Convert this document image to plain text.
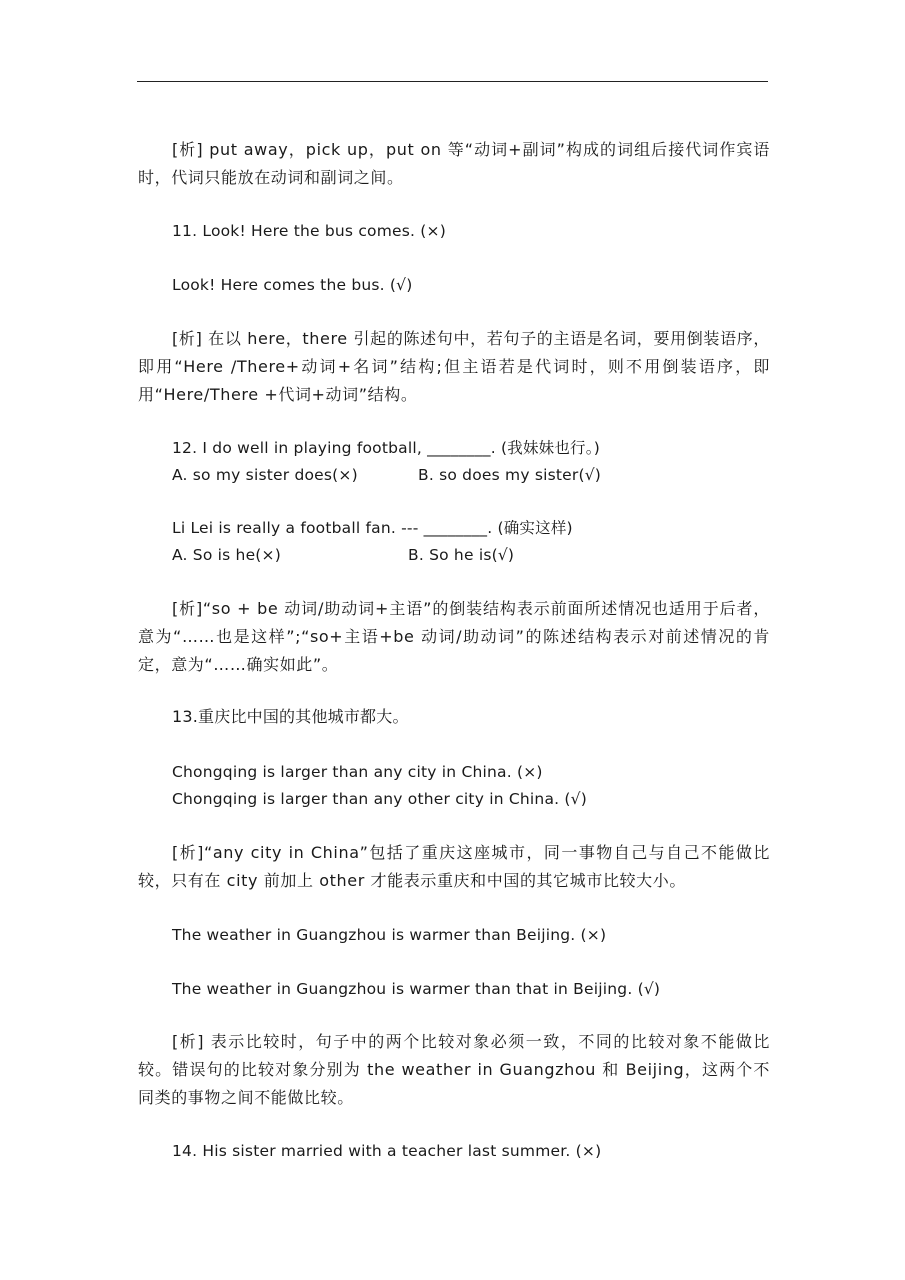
[析] put away，pick up，put on 等“动词+副词”构成的词组后接代词作宾语时，代词只能放在动词和副词之间。
11. Look! Here the bus comes. (×)
Look! Here comes the bus. (√)
[析] 在以 here，there 引起的陈述句中，若句子的主语是名词，要用倒装语序，即用“Here /There+动词+名词”结构;但主语若是代词时，则不用倒装语序，即用“Here/There +代词+动词”结构。
12. I do well in playing football, ________. (我妹妹也行。)
A. so my sister does(×)	B. so does my sister(√)
Li Lei is really a football fan. --- ________. (确实这样)
A. So is he(×)	B. So he is(√)
[析]“so + be 动词/助动词+主语”的倒装结构表示前面所述情况也适用于后者，意为“……也是这样”;“so+主语+be 动词/助动词”的陈述结构表示对前述情况的肯定，意为“……确实如此”。
13.重庆比中国的其他城市都大。
Chongqing is larger than any city in China. (×)
Chongqing is larger than any other city in China. (√)
[析]“any city in China”包括了重庆这座城市，同一事物自己与自己不能做比较，只有在 city 前加上 other 才能表示重庆和中国的其它城市比较大小。
The weather in Guangzhou is warmer than Beijing. (×)
The weather in Guangzhou is warmer than that in Beijing. (√)
[析] 表示比较时，句子中的两个比较对象必须一致，不同的比较对象不能做比较。错误句的比较对象分别为 the weather in Guangzhou 和 Beijing，这两个不同类的事物之间不能做比较。
14. His sister married with a teacher last summer. (×)
